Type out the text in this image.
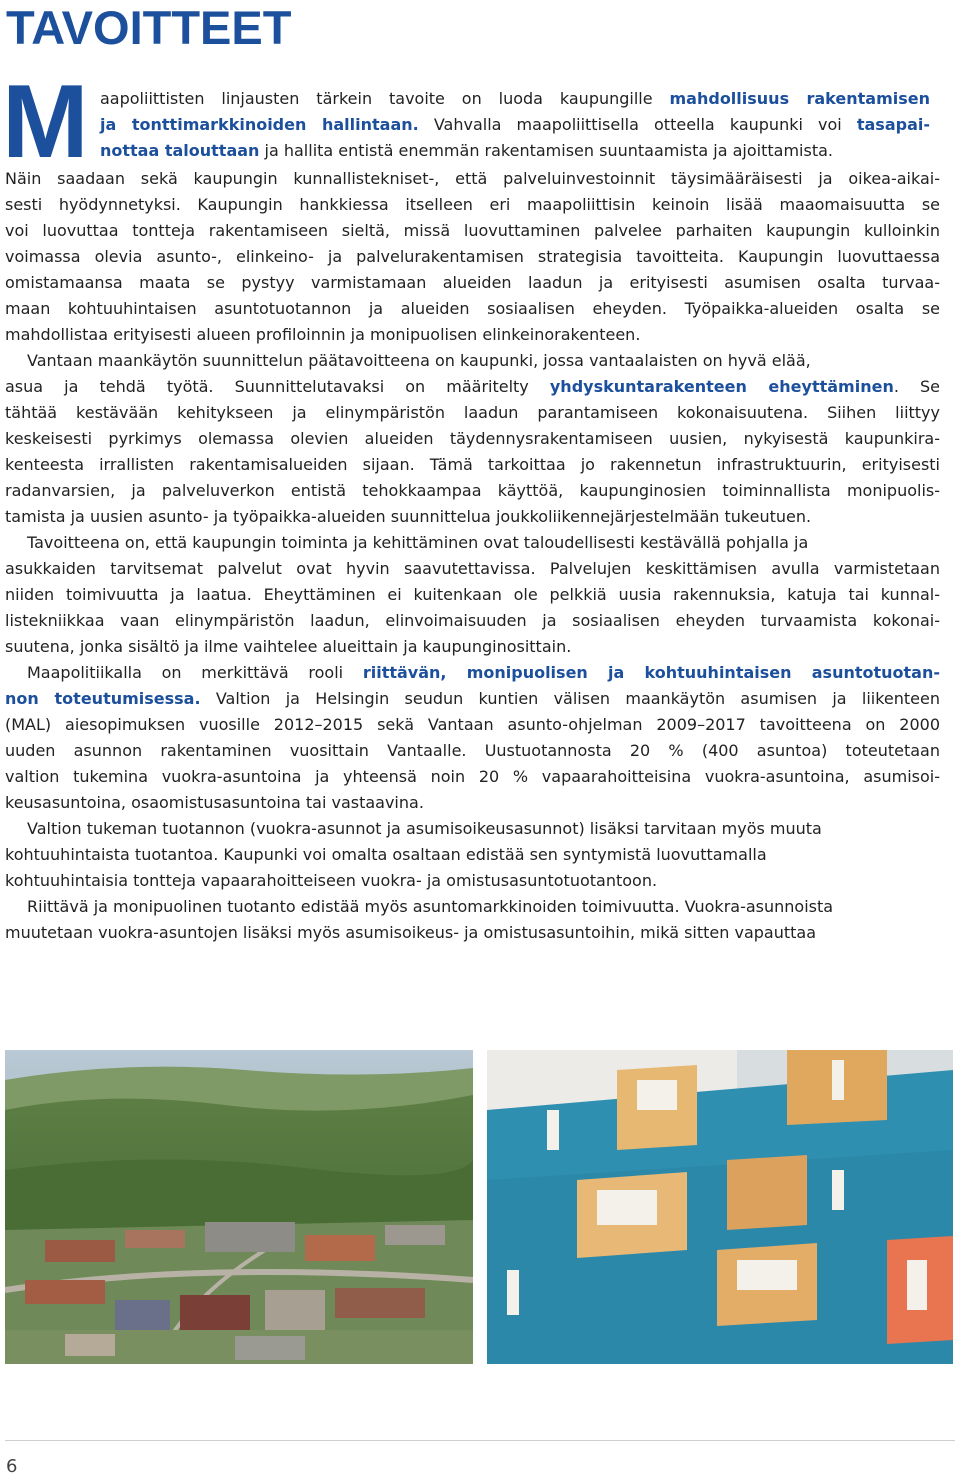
TAVOITTEET
M aapoliittisten linjausten tärkein tavoite on luoda kaupungille mahdollisuus rakentamisen
ja tonttimarkkinoiden hallintaan. Vahvalla maapoliittisella otteella kaupunki voi tasapai-
nottaa talouttaan ja hallita entistä enemmän rakentamisen suuntaamista ja ajoittamista.
Näin saadaan sekä kaupungin kunnallistekniset-, että palveluinvestoinnit täysimääräisesti ja oikea-aikai-
sesti hyödynnetyksi. Kaupungin hankkiessa itselleen eri maapoliittisin keinoin lisää maaomaisuutta se
voi luovuttaa tontteja rakentamiseen sieltä, missä luovuttaminen palvelee parhaiten kaupungin kulloinkin
voimassa olevia asunto-, elinkeino- ja palvelurakentamisen strategisia tavoitteita. Kaupungin luovuttaessa
omistamaansa maata se pystyy varmistamaan alueiden laadun ja erityisesti asumisen osalta turvaa-
maan kohtuuhintaisen asuntotuotannon ja alueiden sosiaalisen eheyden. Työpaikka-alueiden osalta se
mahdollistaa erityisesti alueen profiloinnin ja monipuolisen elinkeinorakenteen.
Vantaan maankäytön suunnittelun päätavoitteena on kaupunki, jossa vantaalaisten on hyvä elää,
asua ja tehdä työtä. Suunnittelutavaksi on määritelty yhdyskuntarakenteen eheyttäminen. Se
tähtää kestävään kehitykseen ja elinympäristön laadun parantamiseen kokonaisuutena. Siihen liittyy
keskeisesti pyrkimys olemassa olevien alueiden täydennysrakentamiseen uusien, nykyisestä kaupunkira-
kenteesta irrallisten rakentamisalueiden sijaan. Tämä tarkoittaa jo rakennetun infrastruktuurin, erityisesti
radanvarsien, ja palveluverkon entistä tehokkaampaa käyttöä, kaupunginosien toiminnallista monipuolis-
tamista ja uusien asunto- ja työpaikka-alueiden suunnittelua joukkoliikennejärjestelmään tukeutuen.
Tavoitteena on, että kaupungin toiminta ja kehittäminen ovat taloudellisesti kestävällä pohjalla ja
asukkaiden tarvitsemat palvelut ovat hyvin saavutettavissa. Palvelujen keskittämisen avulla varmistetaan
niiden toimivuutta ja laatua. Eheyttäminen ei kuitenkaan ole pelkkiä uusia rakennuksia, katuja tai kunnal-
listekniikkaa vaan elinympäristön laadun, elinvoimaisuuden ja sosiaalisen eheyden turvaamista kokonai-
suutena, jonka sisältö ja ilme vaihtelee alueittain ja kaupunginosittain.
Maapolitiikalla on merkittävä rooli riittävän, monipuolisen ja kohtuuhintaisen asuntotuotan-
non toteutumisessa. Valtion ja Helsingin seudun kuntien välisen maankäytön asumisen ja liikenteen
(MAL) aiesopimuksen vuosille 2012–2015 sekä Vantaan asunto-ohjelman 2009–2017 tavoitteena on 2000
uuden asunnon rakentaminen vuosittain Vantaalle. Uustuotannosta 20 % (400 asuntoa) toteutetaan
valtion tukemina vuokra-asuntoina ja yhteensä noin 20 % vapaarahoitteisina vuokra-asuntoina, asumisoi-
keusasuntoina, osaomistusasuntoina tai vastaavina.
Valtion tukeman tuotannon (vuokra-asunnot ja asumisoikeusasunnot) lisäksi tarvitaan myös muuta
kohtuuhintaista tuotantoa. Kaupunki voi omalta osaltaan edistää sen syntymistä luovuttamalla
kohtuuhintaisia tontteja vapaarahoitteiseen vuokra- ja omistusasuntotuotantoon.
Riittävä ja monipuolinen tuotanto edistää myös asuntomarkkinoiden toimivuutta. Vuokra-asunnoista
muutetaan vuokra-asuntojen lisäksi myös asumisoikeus- ja omistusasuntoihin, mikä sitten vapauttaa
6
